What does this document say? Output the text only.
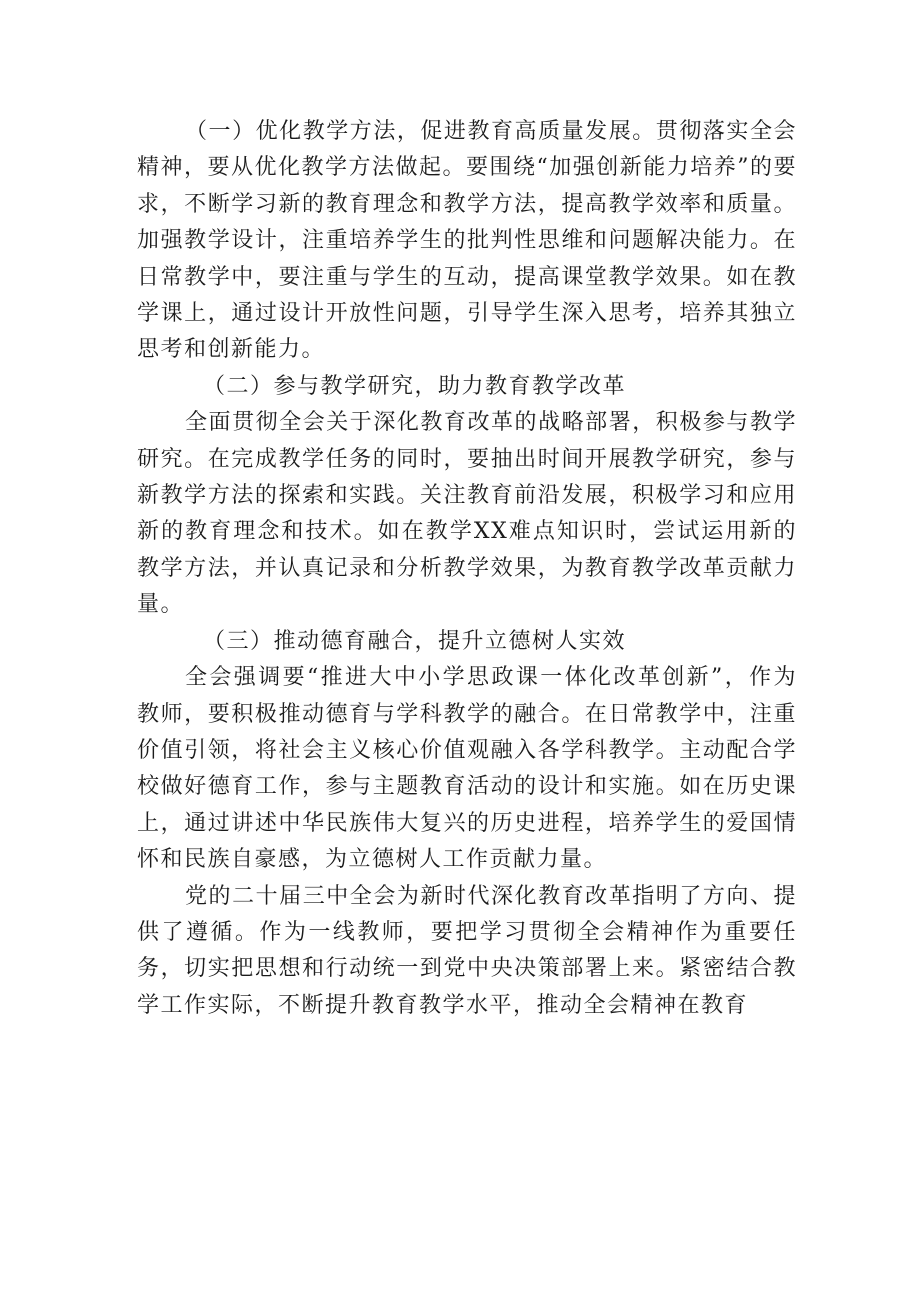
（一）优化教学方法，促进教育高质量发展。贯彻落实全会精神，要从优化教学方法做起。要围绕“加强创新能力培养”的要求，不断学习新的教育理念和教学方法，提高教学效率和质量。加强教学设计，注重培养学生的批判性思维和问题解决能力。在日常教学中，要注重与学生的互动，提高课堂教学效果。如在教学课上，通过设计开放性问题，引导学生深入思考，培养其独立思考和创新能力。

（二）参与教学研究，助力教育教学改革

全面贯彻全会关于深化教育改革的战略部署，积极参与教学研究。在完成教学任务的同时，要抽出时间开展教学研究，参与新教学方法的探索和实践。关注教育前沿发展，积极学习和应用新的教育理念和技术。如在教学XX难点知识时，尝试运用新的教学方法，并认真记录和分析教学效果，为教育教学改革贡献力量。

（三）推动德育融合，提升立德树人实效

全会强调要“推进大中小学思政课一体化改革创新”，作为教师，要积极推动德育与学科教学的融合。在日常教学中，注重价值引领，将社会主义核心价值观融入各学科教学。主动配合学校做好德育工作，参与主题教育活动的设计和实施。如在历史课上，通过讲述中华民族伟大复兴的历史进程，培养学生的爱国情怀和民族自豪感，为立德树人工作贡献力量。

党的二十届三中全会为新时代深化教育改革指明了方向、提供了遵循。作为一线教师，要把学习贯彻全会精神作为重要任务，切实把思想和行动统一到党中央决策部署上来。紧密结合教学工作实际，不断提升教育教学水平，推动全会精神在教育
